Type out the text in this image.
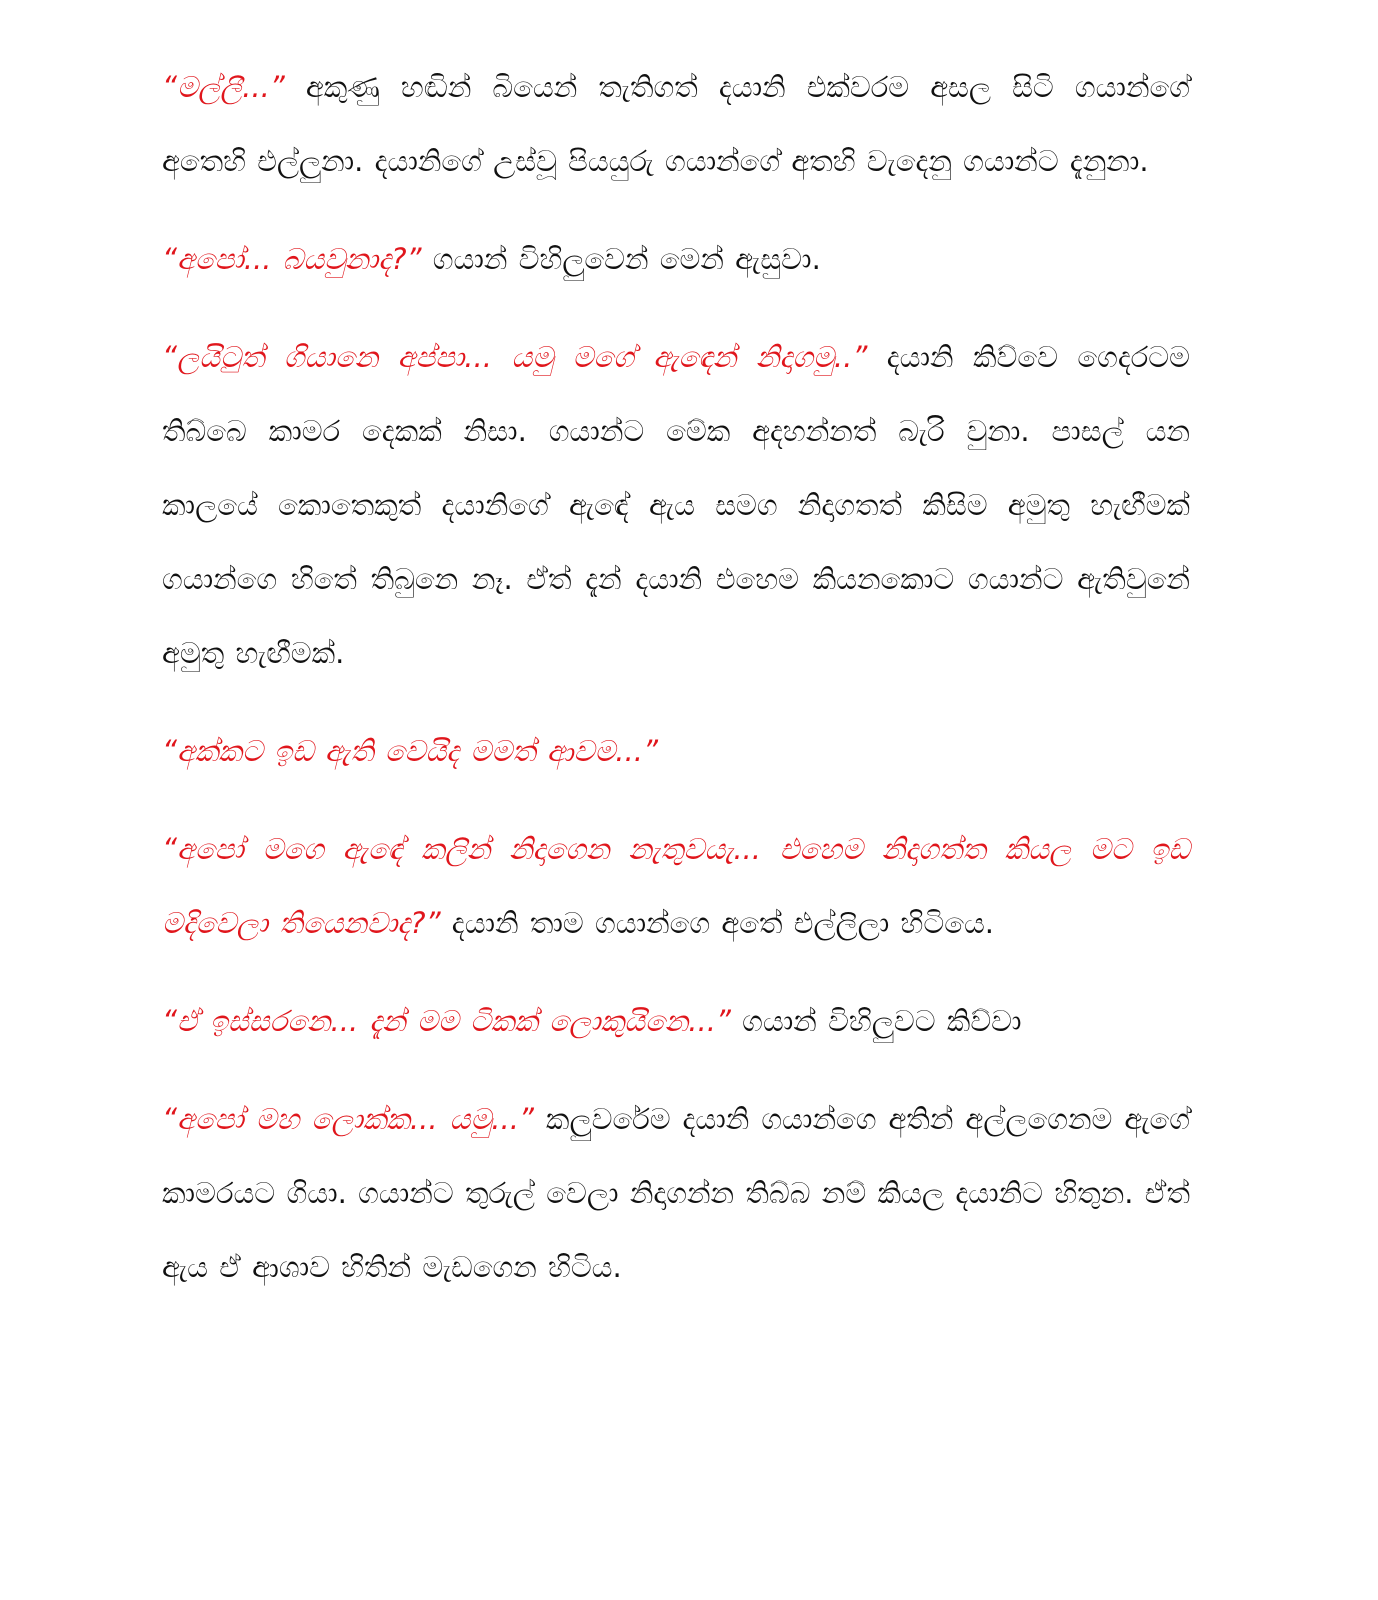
“මල්ලී...” අකුණු හඬින් බියෙන් තැතිගත් දයානි එක්වරම අසල සිටි ගයාන්ගේ අතෙහි එල්ලුනා. දයානිගේ උස්වූ පියයුරු ගයාන්ගේ අතහි වැදෙනු ගයාන්ට දැනුනා.

“අපෝ... බයවුනාද?” ගයාන් විහිලුවෙන් මෙන් ඇසුවා.

“ලයිටුත් ගියානෙ අප්පා... යමු මගේ ඇඳෙන් නිදාගමු..” දයානි කිව්වෙ ගෙදරටම තිබ්බෙ කාමර දෙකක් නිසා. ගයාන්ට මේක අදහන්නත් බැරි වුනා. පාසල් යන කාලයේ කොතෙකුත් දයානිගේ ඇඳේ ඇය සමග නිදාගතත් කිසිම අමුතු හැඟීමක් ගයාන්ගෙ හිතේ තිබුනෙ නෑ. ඒත් දැන් දයානි එහෙම කියනකොට ගයාන්ට ඇතිවුනේ අමුතු හැඟීමක්.

“අක්කට ඉඩ ඇති වෙයිද මමත් ආවම...”

“අපෝ මගෙ ඇඳේ කලින් නිදාගෙන නැතුවයැ... එහෙම නිදාගත්ත කියල මට ඉඩ මදිවෙලා තියෙනවාද?” දයානි තාම ගයාන්ගෙ අතේ එල්ලිලා හිටියෙ.

“ඒ ඉස්සරනෙ... දැන් මම ටිකක් ලොකුයිනෙ...” ගයාන් විහිලුවට කිව්වා

“අපෝ මහ ලොක්ක... යමු...” කලුවරේම දයානි ගයාන්ගෙ අතින් අල්ලගෙනම ඇගේ කාමරයට ගියා. ගයාන්ට තුරුල් වෙලා නිදාගන්න තිබ්බ නම් කියල දයානිට හිතුන. ඒත් ඇය ඒ ආශාව හිතින් මැඩගෙන හිටිය.
